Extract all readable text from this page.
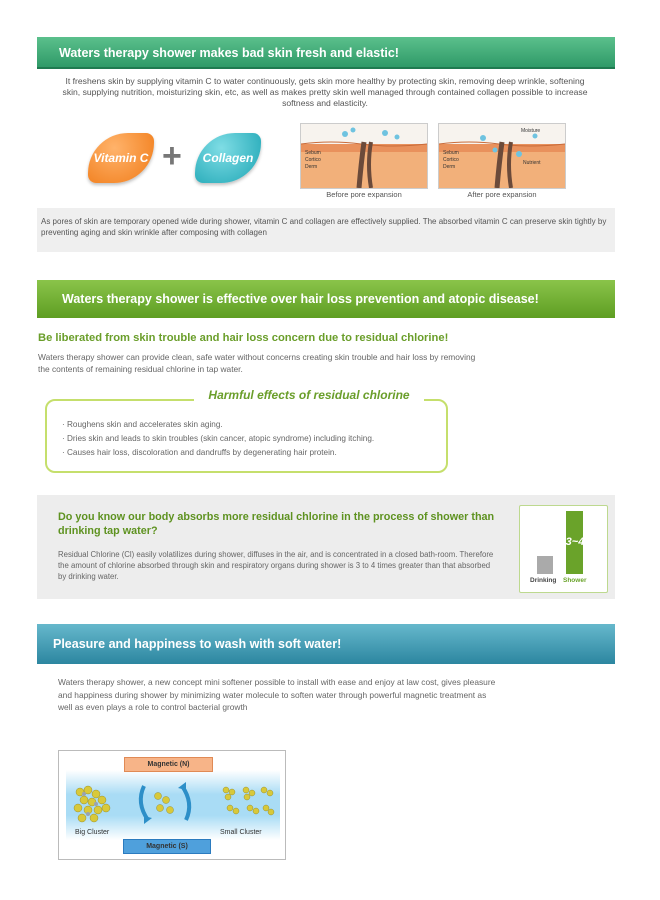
Waters therapy shower makes bad skin fresh and elastic!
It freshens skin by supplying vitamin C to water continuously, gets skin more healthy by protecting skin, removing deep wrinkle, softening skin, supplying nutrition, moisturizing skin, etc, as well as makes pretty skin well managed through contained collagen possible to increase softness and elasticity.
Vitamin C +	Collagen	Sebum
Cortico
Derm
Before pore expansion
Moisture
Nutrient
Sebum
Cortico
Derm
After pore expansion
As pores of skin are temporary opened wide during shower, vitamin C and collagen are effectively supplied. The absorbed vitamin C can preserve skin tightly by preventing aging and skin wrinkle after composing with collagen
Waters therapy shower is effective over hair loss prevention and atopic disease!
Be liberated from skin trouble and hair loss concern due to residual chlorine!
Waters therapy shower can provide clean, safe water without concerns creating skin trouble and hair loss by removing the contents of remaining residual chlorine in tap water.
Harmful effects of residual chlorine
· Roughens skin and accelerates skin aging.
· Dries skin and leads to skin troubles (skin cancer, atopic syndrome) including itching.
· Causes hair loss, discoloration and dandruffs by degenerating hair protein.
Do you know our body absorbs more residual chlorine in the process of shower than drinking tap water?
Residual Chlorine (Cl) easily volatilizes during shower, diffuses in the air, and is concentrated in a closed bath-room. Therefore the amount of chlorine absorbed through skin and respiratory organs during shower is 3 to 4 times greater than that absorbed by drinking water.
3~4
Drinking Shower
Pleasure and happiness to wash with soft water!
Waters therapy shower, a new concept mini softener possible to install with ease and enjoy at law cost, gives pleasure and happiness during shower by minimizing water molecule to soften water through powerful magnetic treatment as well as even plays a role to control bacterial growth
Magnetic (N)
Magnetic (S)
Big Cluster	Small Cluster
